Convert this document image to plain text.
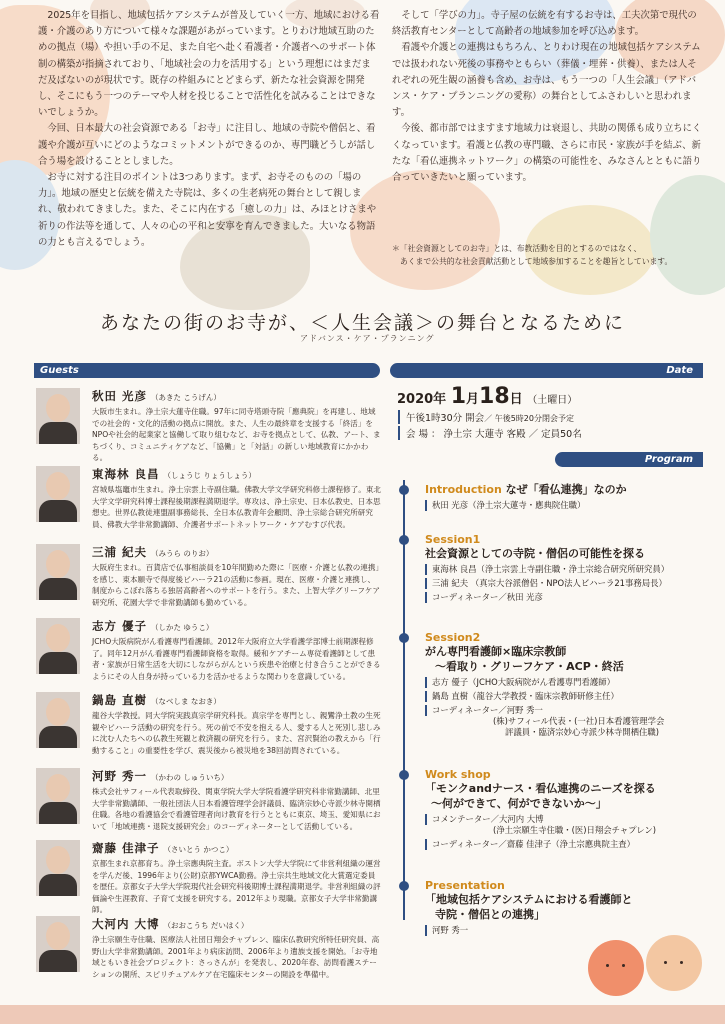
2025年を目指し、地域包括ケアシステムが普及していく一方、地域における看護・介護のあり方について様々な課題があがっています。とりわけ地域互助のための拠点（場）や担い手の不足、また自宅へ赴く看護者・介護者へのサポート体制の構築が指摘されており、「地域社会の力を活用する」という理想にはまだまだ及ばないのが現状です。既存の枠組みにとどまらず、新たな社会資源を開発し、そこにもう一つのテーマや人材を投じることで活性化を試みることはできないでしょうか。

今回、日本最大の社会資源である「お寺」に注目し、地域の寺院や僧侶と、看護や介護が互いにどのようなコミットメントができるのか、専門職どうしが話し合う場を設けることとしました。

お寺に対する注目のポイントは3つあります。まず、お寺そのものの「場の力」。地域の歴史と伝統を備えた寺院は、多くの生老病死の舞台として親しまれ、敬われてきました。また、そこに内在する「癒しの力」は、みほとけさまや祈りの作法等を通して、人々の心の平和と安寧を育んできました。大いなる物語の力とも言えるでしょう。

そして「学びの力」。寺子屋の伝統を有するお寺は、工夫次第で現代の終活教育センターとして高齢者の地域参加を呼び込めます。

看護や介護との連携はもちろん、とりわけ現在の地域包括ケアシステムでは扱われない死後の事務やともらい（葬儀・埋葬・供養）、または人それぞれの死生観の涵養も含め、お寺は、もう一つの「人生会議」（アドバンス・ケア・プランニングの愛称）の舞台としてふさわしいと思われます。

今後、都市部ではますます地域力は衰退し、共助の関係も成り立ちにくくなっています。看護と仏教の専門職、さらに市民・家族が手を結ぶ、新たな「看仏連携ネットワーク」の構築の可能性を、みなさんとともに語り合っていきたいと願っています。

＊「社会資源としてのお寺」とは、布教活動を目的とするのではなく、
あくまで公共的な社会貢献活動として地域参加することを趣旨としています。
あなたの街のお寺が、＜人生会議＞の舞台となるために
アドバンス・ケア・プランニング
Guests	Date
Program
秋田 光彦 （あきた こうげん）
大阪市生まれ。浄土宗大蓮寺住職。97年に同寺塔頭寺院「應典院」を再建し、地域での社会的・文化的活動の拠点に開放。また、人生の最終章を支援する「終活」をNPOや社会的起業家と協働して取り組むなど、お寺を拠点として、仏教、アート、まちづくり、コミュニティケアなど、「協働」と「対話」の新しい地域教育にかかわる。
東海林 良昌 （しょうじ りょうしょう）
宮城県塩竈市生まれ。浄土宗雲上寺副住職。佛教大学文学研究科修士課程修了。東北大学文学研究科博士課程後期課程満期退学。専攻は、浄土宗史、日本仏教史、日本思想史。世界仏教徒連盟副事務総長、全日本仏教青年会顧問、浄土宗総合研究所研究員、佛教大学非常勤講師、介護者サポートネットワーク・ケアむすび代表。
三浦 紀夫 （みうら のりお）
大阪府生まれ。百貨店で仏事相談員を10年間勤めた際に「医療・介護と仏教の連携」を感じ、東本願寺で得度後ビハーラ21の活動に参画。現在、医療・介護と連携し、制度からこぼれ落ちる独居高齢者へのサポートを行う。また、上智大学グリーフケア研究所、花園大学で非常勤講師も勤めている。
志方 優子 （しかた ゆうこ）
JCHO大阪病院がん看護専門看護師。2012年大阪府立大学看護学部博士前期課程修了。同年12月がん看護専門看護師資格を取得。緩和ケアチーム専従看護師として患者・家族が日常生活を大切にしながらがんという疾患や治療と付き合うことができるようにその人自身が持っている力を活かせるような関わりを意識している。
鍋島 直樹 （なべしま なおき）
龍谷大学教授。同大学院実践真宗学研究科長。真宗学を専門とし、親鸞浄土教の生死観やビハーラ活動の研究を行う。死の前で不安を抱える人、愛する人と死別し悲しみに沈む人たちへの仏教生死観と救済観の研究を行う。また、宮沢賢治の教えから「行動すること」の重要性を学び、震災後から被災地を38回訪問されている。
河野 秀一 （かわの しゅういち）
株式会社サフィール代表取締役、関東学院大学大学院看護学研究科非常勤講師、北里大学非常勤講師、一般社団法人日本看護管理学会評議員、臨済宗妙心寺派少林寺開栖住職。各地の看護協会で看護管理者向け教育を行うとともに東京、埼玉、愛知県において「地域連携・退院支援研究会」のコーディネーターとして活動している。
齋藤 佳津子 （さいとう かつこ）
京都生まれ京都育ち。浄土宗應典院主査。ボストン大学大学院にて非営利組織の運営を学んだ後、1996年より(公財)京都YWCA勤務。浄土宗共生地域文化大賞選定委員を歴任。京都女子大学大学院現代社会研究科後期博士課程満期退学。非営利組織の評価論や生涯教育、子育て支援を研究する。2012年より現職。京都女子大学非常勤講師。
大河内 大博 （おおこうち だいはく）
浄土宗願生寺住職、医療法人社団日翔会チャプレン、臨床仏教研究所特任研究員、高野山大学非常勤講師。2001年より病床訪問、2006年より遺族支援を開始。「お寺地域ともいき社会プロジェクト：さっさんが」を発表し、2020年春、訪問看護ステーションの開所、スピリチュアルケア在宅臨床センターの開設を準備中。
2020年 1月18日 （土曜日）
午後1時30分 開会／ 午後5時20分閉会予定
会 場 ： 浄土宗 大蓮寺 客殿 ／ 定員50名
Introduction なぜ「看仏連携」なのか
秋田 光彦（浄土宗大蓮寺・應典院住職）
Session1
社会資源としての寺院・僧侶の可能性を探る
東海林 良昌（浄土宗雲上寺副住職・浄土宗総合研究所研究員）
三浦 紀夫 （真宗大谷派僧侶・NPO法人ビハーラ21事務局長）
コーディネーター／秋田 光彦
Session2
がん専門看護師×臨床宗教師
〜看取り・グリーフケア・ACP・終活
志方 優子（JCHO大阪病院がん看護専門看護師）
鍋島 直樹（龍谷大学教授・臨床宗教師研修主任）
コーディネーター／河野 秀一
(株)サフィール代表・(一社)日本看護管理学会
評議員・臨済宗妙心寺派少林寺開栖住職)
Work shop
「モンクandナース・看仏連携のニーズを探る
〜何ができて、何ができないか〜」
コメンテーター／大河内 大博
(浄土宗願生寺住職・(医)日翔会チャプレン)
コーディネーター／齋藤 佳津子（浄土宗應典院主査）
Presentation
「地域包括ケアシステムにおける看護師と
寺院・僧侶との連携」
河野 秀一
